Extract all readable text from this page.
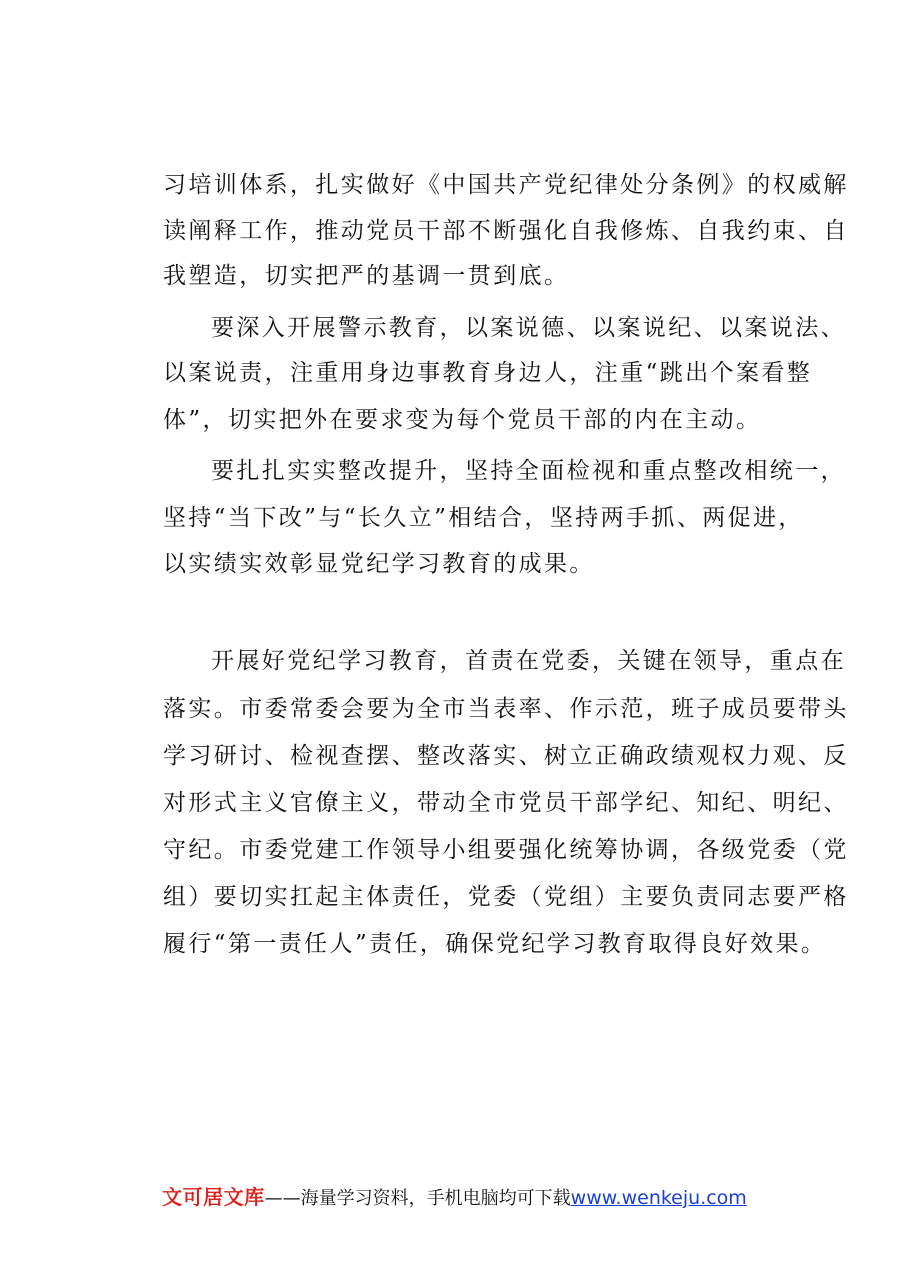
习培训体系，扎实做好《中国共产党纪律处分条例》的权威解
读阐释工作，推动党员干部不断强化自我修炼、自我约束、自
我塑造，切实把严的基调一贯到底。
要深入开展警示教育，以案说德、以案说纪、以案说法、
以案说责，注重用身边事教育身边人，注重“跳出个案看整
体”，切实把外在要求变为每个党员干部的内在主动。
要扎扎实实整改提升，坚持全面检视和重点整改相统一，
坚持“当下改”与“长久立”相结合，坚持两手抓、两促进，
以实绩实效彰显党纪学习教育的成果。
开展好党纪学习教育，首责在党委，关键在领导，重点在
落实。市委常委会要为全市当表率、作示范，班子成员要带头
学习研讨、检视查摆、整改落实、树立正确政绩观权力观、反
对形式主义官僚主义，带动全市党员干部学纪、知纪、明纪、
守纪。市委党建工作领导小组要强化统筹协调，各级党委（党
组）要切实扛起主体责任，党委（党组）主要负责同志要严格
履行“第一责任人”责任，确保党纪学习教育取得良好效果。
文可居文库——海量学习资料，手机电脑均可下载www.wenkeju.com
